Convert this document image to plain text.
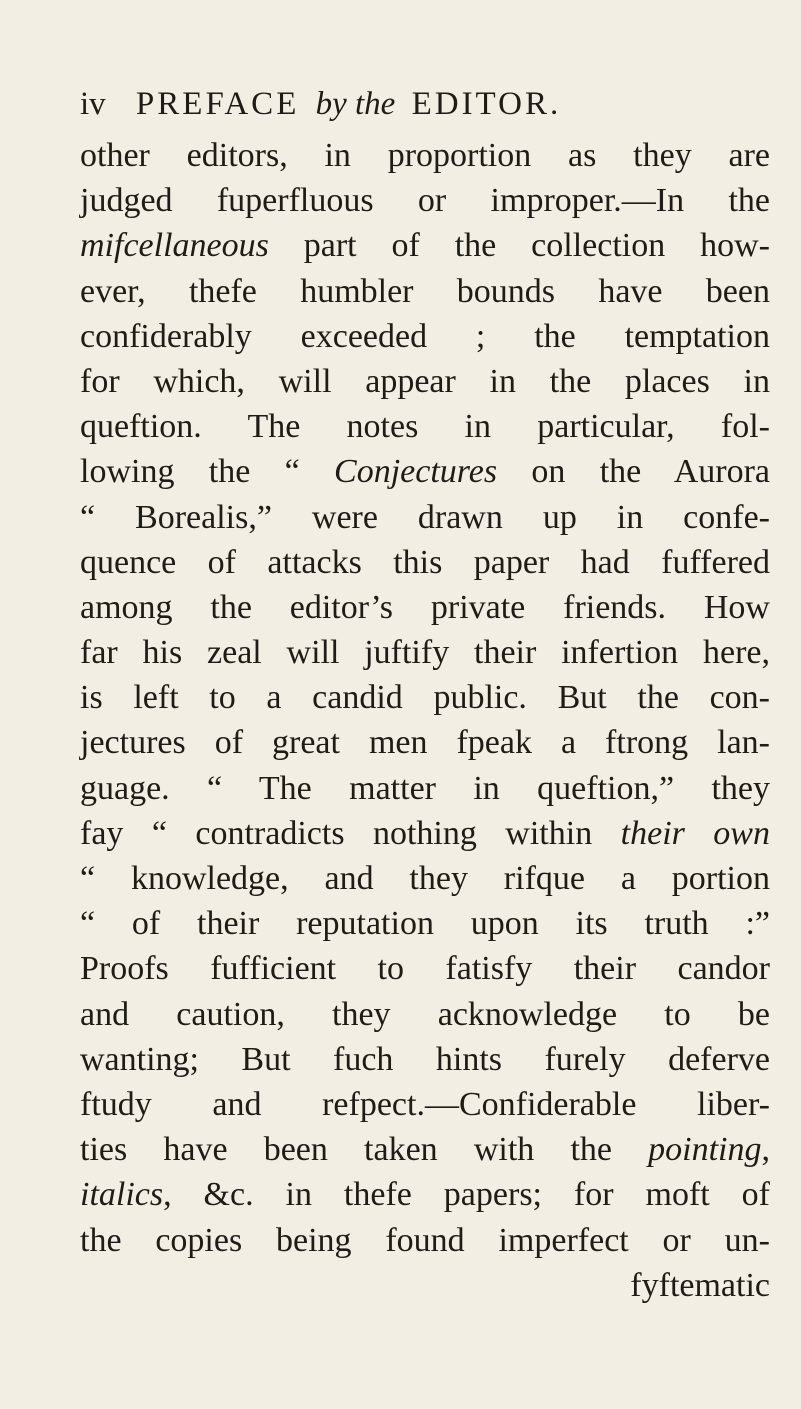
iv PREFACE by the EDITOR.
other editors, in proportion as they are
judged fuperfluous or improper.—In the
mifcellaneous part of the collection how-
ever, thefe humbler bounds have been
confiderably exceeded ; the temptation
for which, will appear in the places in
queftion. The notes in particular, fol-
lowing the “ Conjectures on the Aurora
“ Borealis,” were drawn up in confe-
quence of attacks this paper had fuffered
among the editor’s private friends. How
far his zeal will juftify their infertion here,
is left to a candid public. But the con-
jectures of great men fpeak a ftrong lan-
guage. “ The matter in queftion,” they
fay “ contradicts nothing within their own
“ knowledge, and they rifque a portion
“ of their reputation upon its truth :”
Proofs fufficient to fatisfy their candor
and caution, they acknowledge to be
wanting; But fuch hints furely deferve
ftudy and refpect.—Confiderable liber-
ties have been taken with the pointing,
italics, &c. in thefe papers; for moft of
the copies being found imperfect or un-
fyftematic
